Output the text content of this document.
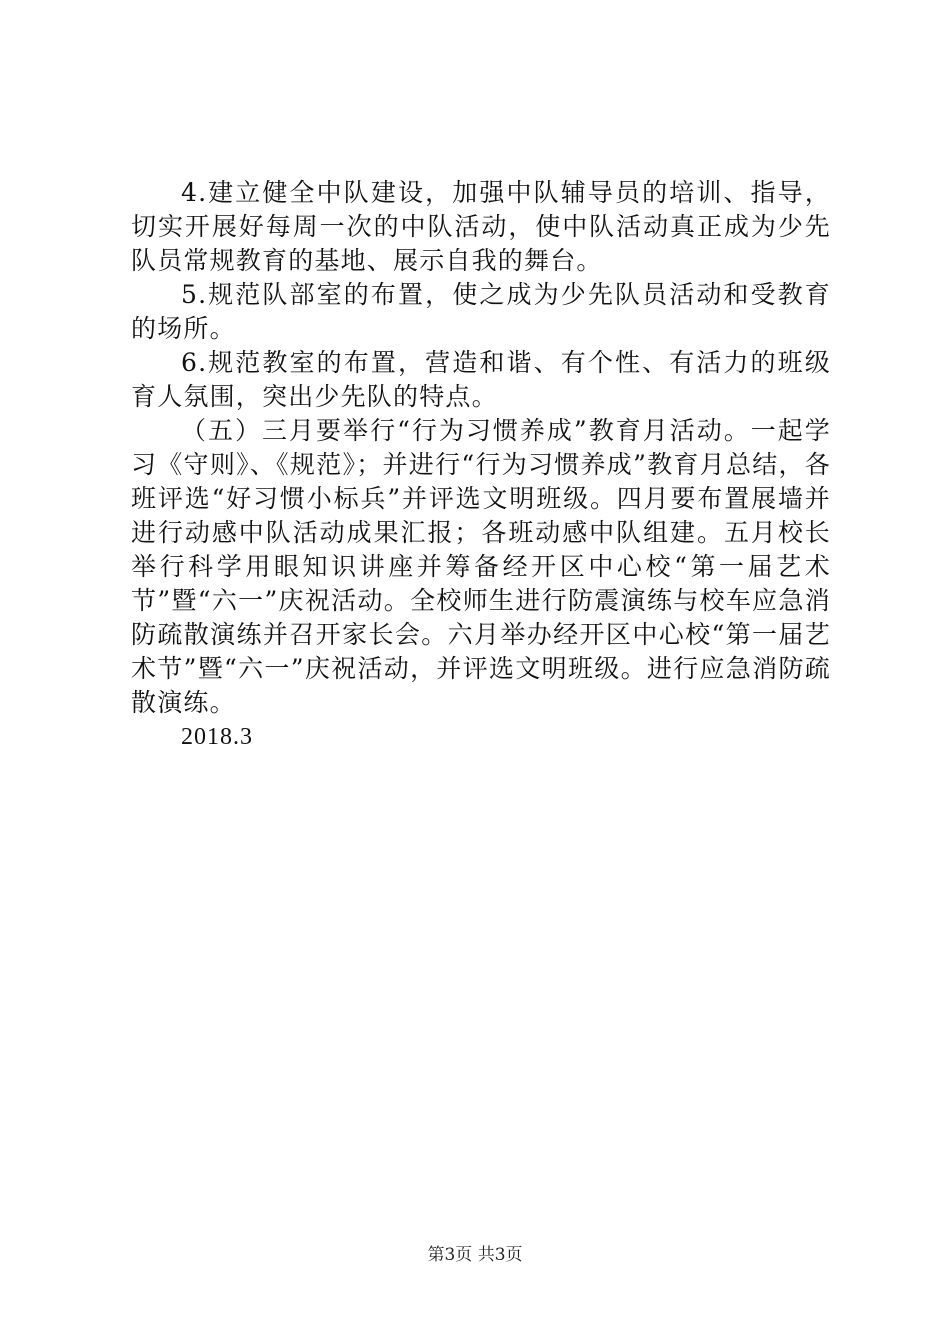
4.建立健全中队建设，加强中队辅导员的培训、指导，切实开展好每周一次的中队活动，使中队活动真正成为少先队员常规教育的基地、展示自我的舞台。

5.规范队部室的布置，使之成为少先队员活动和受教育的场所。

6.规范教室的布置，营造和谐、有个性、有活力的班级育人氛围，突出少先队的特点。

（五）三月要举行“行为习惯养成”教育月活动。一起学习《守则》、《规范》；并进行“行为习惯养成”教育月总结，各班评选“好习惯小标兵”并评选文明班级。四月要布置展墙并进行动感中队活动成果汇报；各班动感中队组建。五月校长举行科学用眼知识讲座并筹备经开区中心校“第一届艺术节”暨“六一”庆祝活动。全校师生进行防震演练与校车应急消防疏散演练并召开家长会。六月举办经开区中心校“第一届艺术节”暨“六一”庆祝活动，并评选文明班级。进行应急消防疏散演练。

2018.3

第3页 共3页
